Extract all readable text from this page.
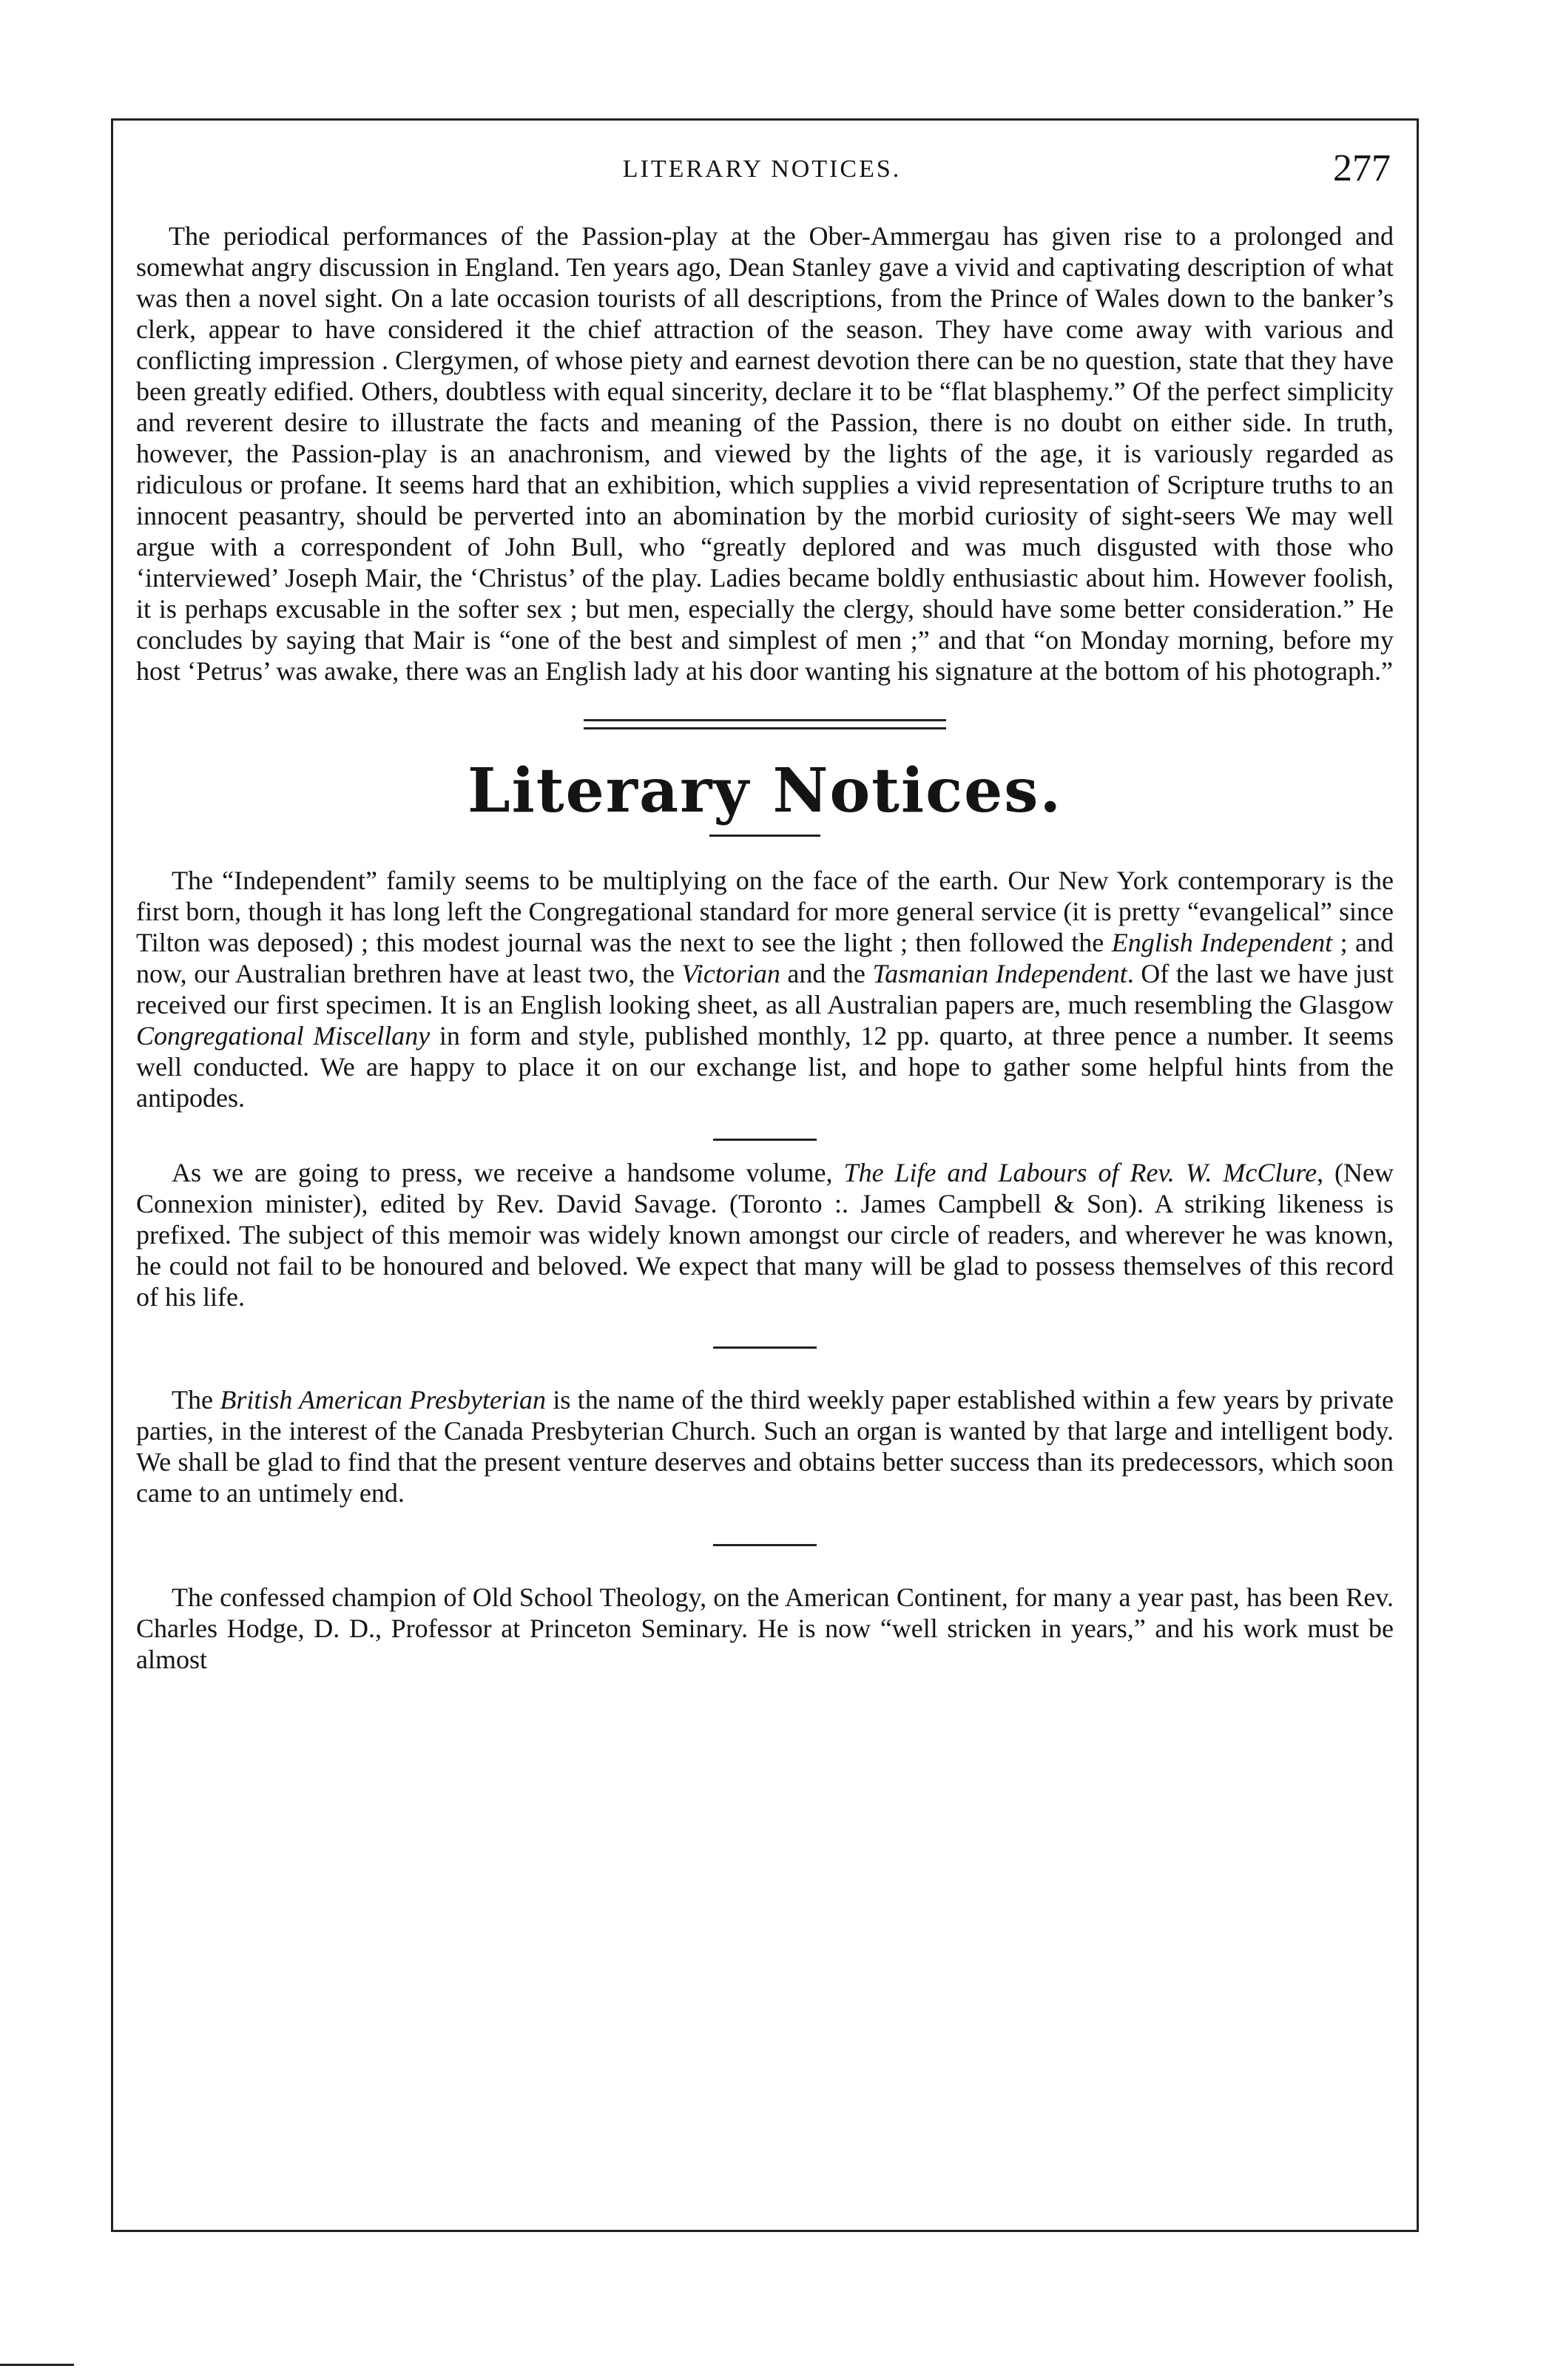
LITERARY NOTICES.	277

The periodical performances of the Passion-play at the Ober-Ammergau has given rise to a prolonged and somewhat angry discussion in England. Ten years ago, Dean Stanley gave a vivid and captivating description of what was then a novel sight. On a late occasion tourists of all descriptions, from the Prince of Wales down to the banker’s clerk, appear to have considered it the chief attraction of the season. They have come away with various and conflicting impression . Clergymen, of whose piety and earnest devotion there can be no question, state that they have been greatly edified. Others, doubtless with equal sincerity, declare it to be “flat blasphemy.” Of the perfect simplicity and reverent desire to illustrate the facts and meaning of the Passion, there is no doubt on either side. In truth, however, the Passion-play is an anachronism, and viewed by the lights of the age, it is variously regarded as ridiculous or profane. It seems hard that an exhibition, which supplies a vivid representation of Scripture truths to an innocent peasantry, should be perverted into an abomination by the morbid curiosity of sight-seers We may well argue with a correspondent of John Bull, who “greatly deplored and was much disgusted with those who ‘interviewed’ Joseph Mair, the ‘Christus’ of the play. Ladies became boldly enthusiastic about him. However foolish, it is perhaps excusable in the softer sex ; but men, especially the clergy, should have some better consideration.” He concludes by saying that Mair is “one of the best and simplest of men ;” and that “on Monday morning, before my host ‘Petrus’ was awake, there was an English lady at his door wanting his signature at the bottom of his photograph.”

Literary Notices.

The “Independent” family seems to be multiplying on the face of the earth. Our New York contemporary is the first born, though it has long left the Congregational standard for more general service (it is pretty “evangelical” since Tilton was deposed) ; this modest journal was the next to see the light ; then followed the English Independent ; and now, our Australian brethren have at least two, the Victorian and the Tasmanian Independent. Of the last we have just received our first specimen. It is an English looking sheet, as all Australian papers are, much resembling the Glasgow Congregational Miscellany in form and style, published monthly, 12 pp. quarto, at three pence a number. It seems well conducted. We are happy to place it on our exchange list, and hope to gather some helpful hints from the antipodes.

As we are going to press, we receive a handsome volume, The Life and Labours of Rev. W. McClure, (New Connexion minister), edited by Rev. David Savage. (Toronto :. James Campbell & Son). A striking likeness is prefixed. The subject of this memoir was widely known amongst our circle of readers, and wherever he was known, he could not fail to be honoured and beloved. We expect that many will be glad to possess themselves of this record of his life.

The British American Presbyterian is the name of the third weekly paper established within a few years by private parties, in the interest of the Canada Presbyterian Church. Such an organ is wanted by that large and intelligent body. We shall be glad to find that the present venture deserves and obtains better success than its predecessors, which soon came to an untimely end.

The confessed champion of Old School Theology, on the American Continent, for many a year past, has been Rev. Charles Hodge, D. D., Professor at Princeton Seminary. He is now “well stricken in years,” and his work must be almost
